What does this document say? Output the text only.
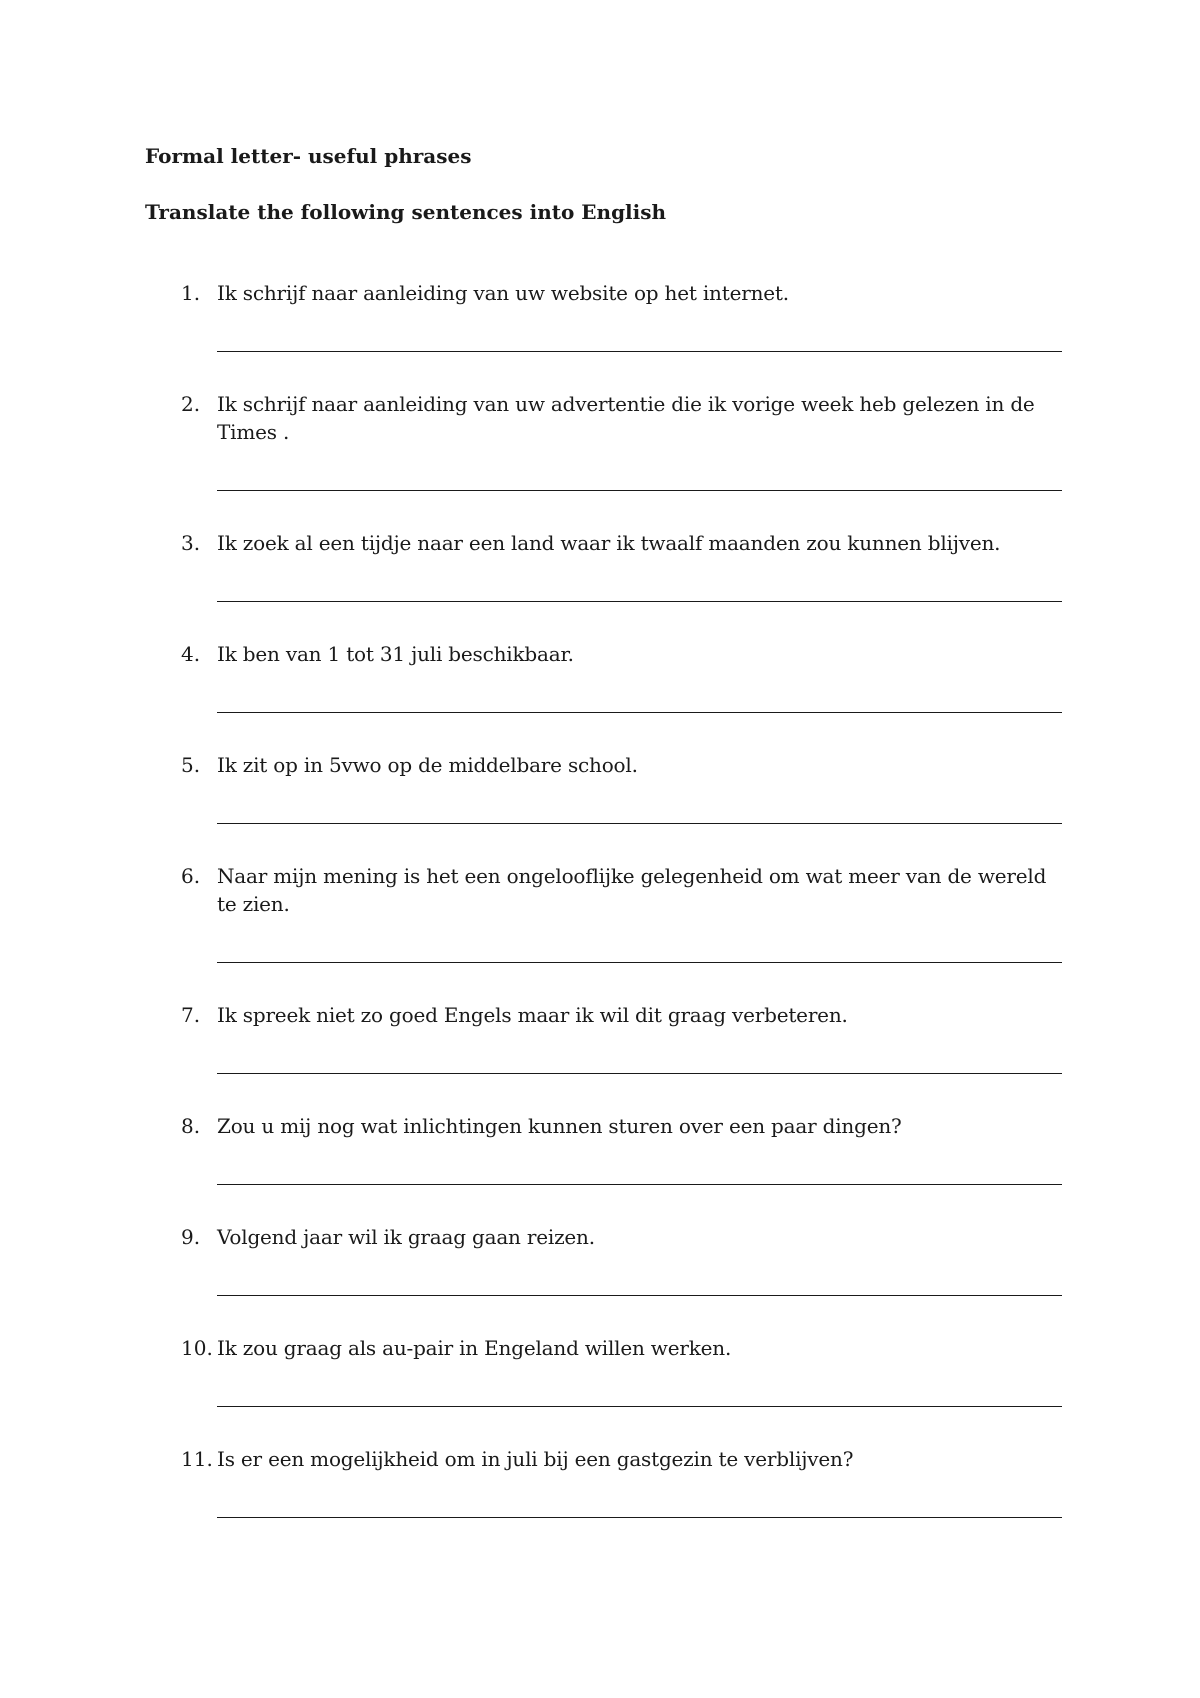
Formal letter- useful phrases
Translate the following sentences into English
1. Ik schrijf naar aanleiding van uw website op het internet.
2. Ik schrijf naar aanleiding van uw advertentie die ik vorige week heb gelezen in de Times .
3. Ik zoek al een tijdje naar een land waar ik twaalf maanden zou kunnen blijven.
4. Ik ben van 1 tot 31 juli beschikbaar.
5. Ik zit op in 5vwo op de middelbare school.
6. Naar mijn mening is het een ongelooflijke gelegenheid om wat meer van de wereld te zien.
7. Ik spreek niet zo goed Engels maar ik wil dit graag verbeteren.
8. Zou u mij nog wat inlichtingen kunnen sturen over een paar dingen?
9. Volgend jaar wil ik graag gaan reizen.
10. Ik zou graag als au-pair in Engeland willen werken.
11. Is er een mogelijkheid om in juli bij een gastgezin te verblijven?
